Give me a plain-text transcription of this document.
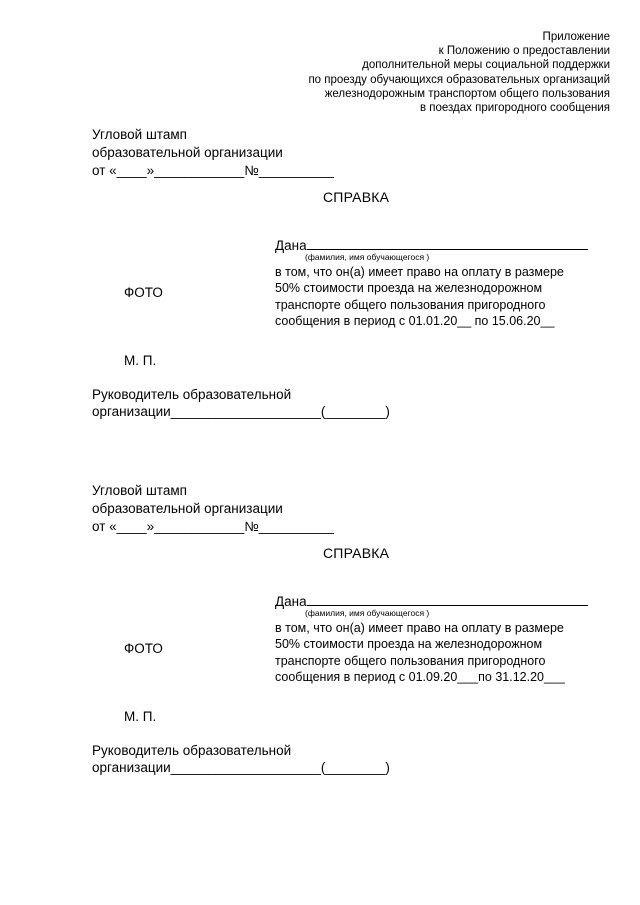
Приложение
к Положению о предоставлении
дополнительной меры социальной поддержки
по проезду обучающихся образовательных организаций
железнодорожным транспортом общего пользования
в поездах пригородного сообщения
Угловой штамп
образовательной организации
от «____»____________№__________
СПРАВКА
Дана
(фамилия, имя обучающегося )
в том, что он(а) имеет право на оплату в размере
50% стоимости проезда на железнодорожном
транспорте общего пользования пригородного
сообщения в период с 01.01.20__ по 15.06.20__
ФОТО
М. П.
Руководитель образовательной
организации____________________(________)
Угловой штамп
образовательной организации
от «____»____________№__________
СПРАВКА
Дана
(фамилия, имя обучающегося )
в том, что он(а) имеет право на оплату в размере
50% стоимости проезда на железнодорожном
транспорте общего пользования пригородного
сообщения в период с 01.09.20___по 31.12.20___
ФОТО
М. П.
Руководитель образовательной
организации____________________(________)
